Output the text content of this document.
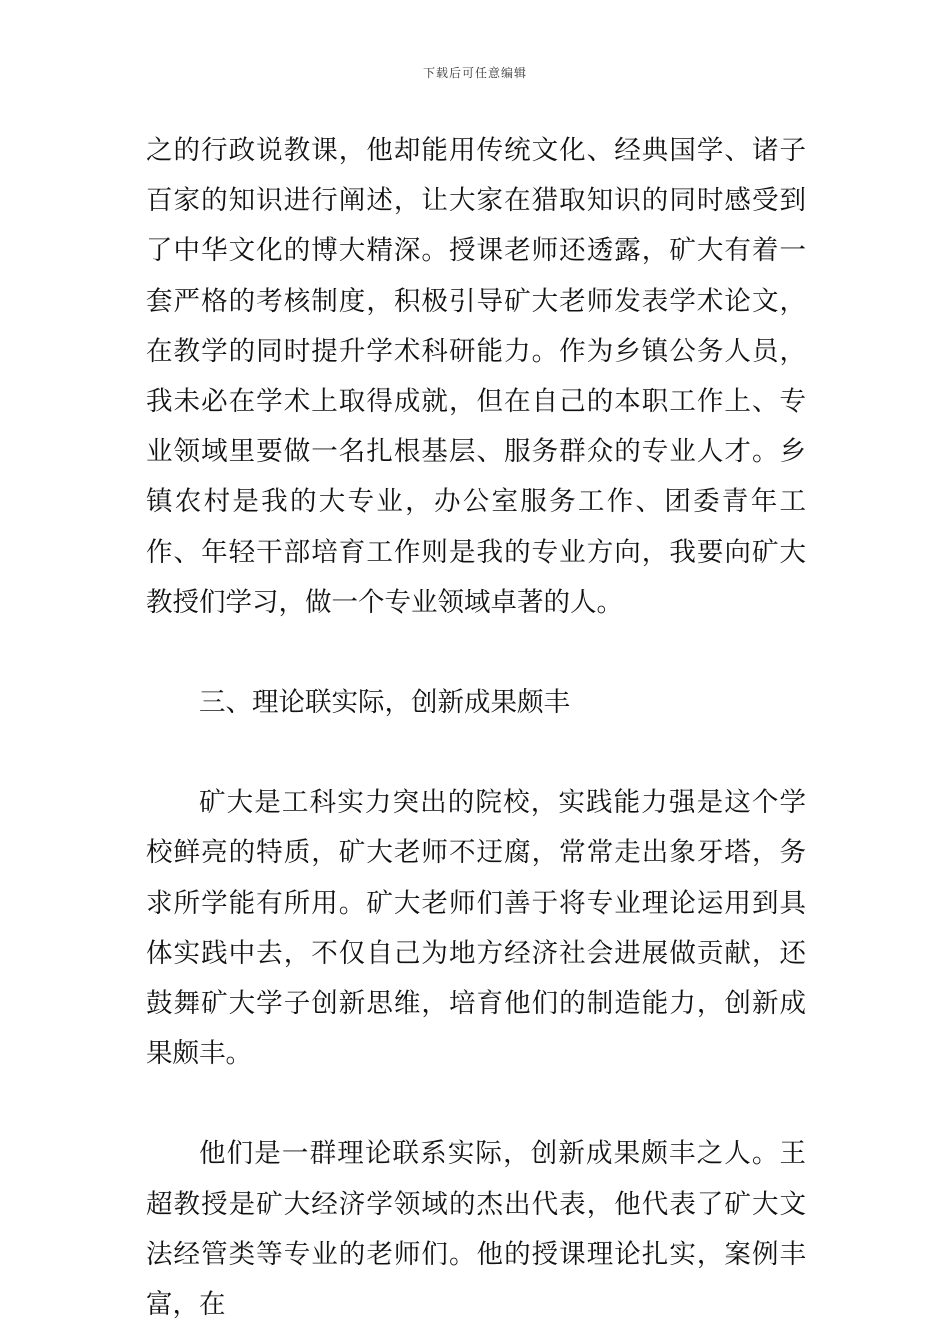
下载后可任意编辑

之的行政说教课，他却能用传统文化、经典国学、诸子百家的知识进行阐述，让大家在猎取知识的同时感受到了中华文化的博大精深。授课老师还透露，矿大有着一套严格的考核制度，积极引导矿大老师发表学术论文，在教学的同时提升学术科研能力。作为乡镇公务人员，我未必在学术上取得成就，但在自己的本职工作上、专业领域里要做一名扎根基层、服务群众的专业人才。乡镇农村是我的大专业，办公室服务工作、团委青年工作、年轻干部培育工作则是我的专业方向，我要向矿大教授们学习，做一个专业领域卓著的人。

三、理论联实际，创新成果颇丰

矿大是工科实力突出的院校，实践能力强是这个学校鲜亮的特质，矿大老师不迂腐，常常走出象牙塔，务求所学能有所用。矿大老师们善于将专业理论运用到具体实践中去，不仅自己为地方经济社会进展做贡献，还鼓舞矿大学子创新思维，培育他们的制造能力，创新成果颇丰。

他们是一群理论联系实际，创新成果颇丰之人。王超教授是矿大经济学领域的杰出代表，他代表了矿大文法经管类等专业的老师们。他的授课理论扎实，案例丰富，在
